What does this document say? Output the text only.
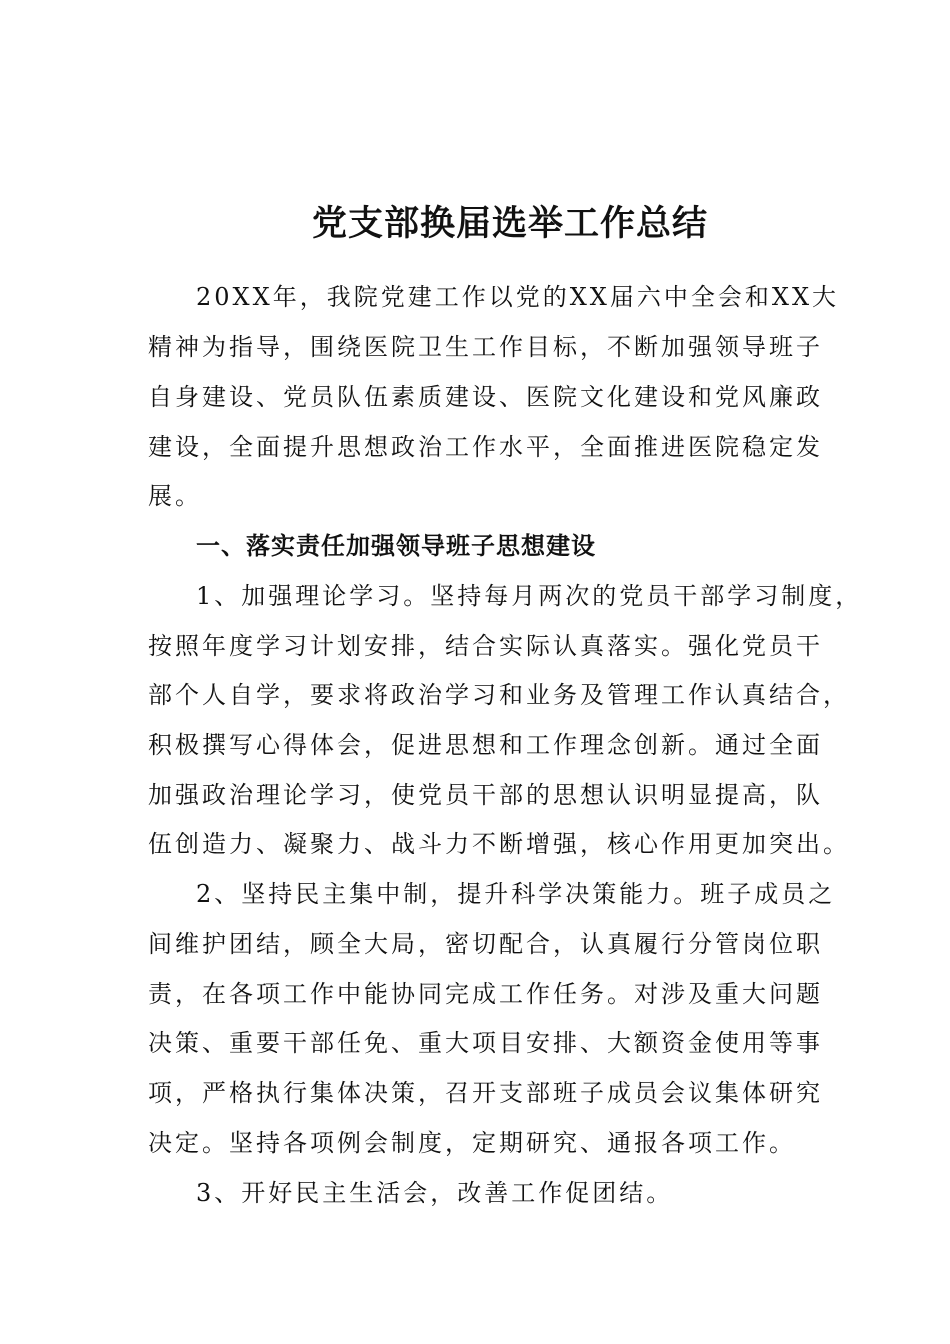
党支部换届选举工作总结
20XX年，我院党建工作以党的XX届六中全会和XX大
精神为指导，围绕医院卫生工作目标，不断加强领导班子
自身建设、党员队伍素质建设、医院文化建设和党风廉政
建设，全面提升思想政治工作水平，全面推进医院稳定发
展。
一、落实责任加强领导班子思想建设
1、加强理论学习。坚持每月两次的党员干部学习制度，
按照年度学习计划安排，结合实际认真落实。强化党员干
部个人自学，要求将政治学习和业务及管理工作认真结合，
积极撰写心得体会，促进思想和工作理念创新。通过全面
加强政治理论学习，使党员干部的思想认识明显提高，队
伍创造力、凝聚力、战斗力不断增强，核心作用更加突出。
2、坚持民主集中制，提升科学决策能力。班子成员之
间维护团结，顾全大局，密切配合，认真履行分管岗位职
责，在各项工作中能协同完成工作任务。对涉及重大问题
决策、重要干部任免、重大项目安排、大额资金使用等事
项，严格执行集体决策，召开支部班子成员会议集体研究
决定。坚持各项例会制度，定期研究、通报各项工作。
3、开好民主生活会，改善工作促团结。
